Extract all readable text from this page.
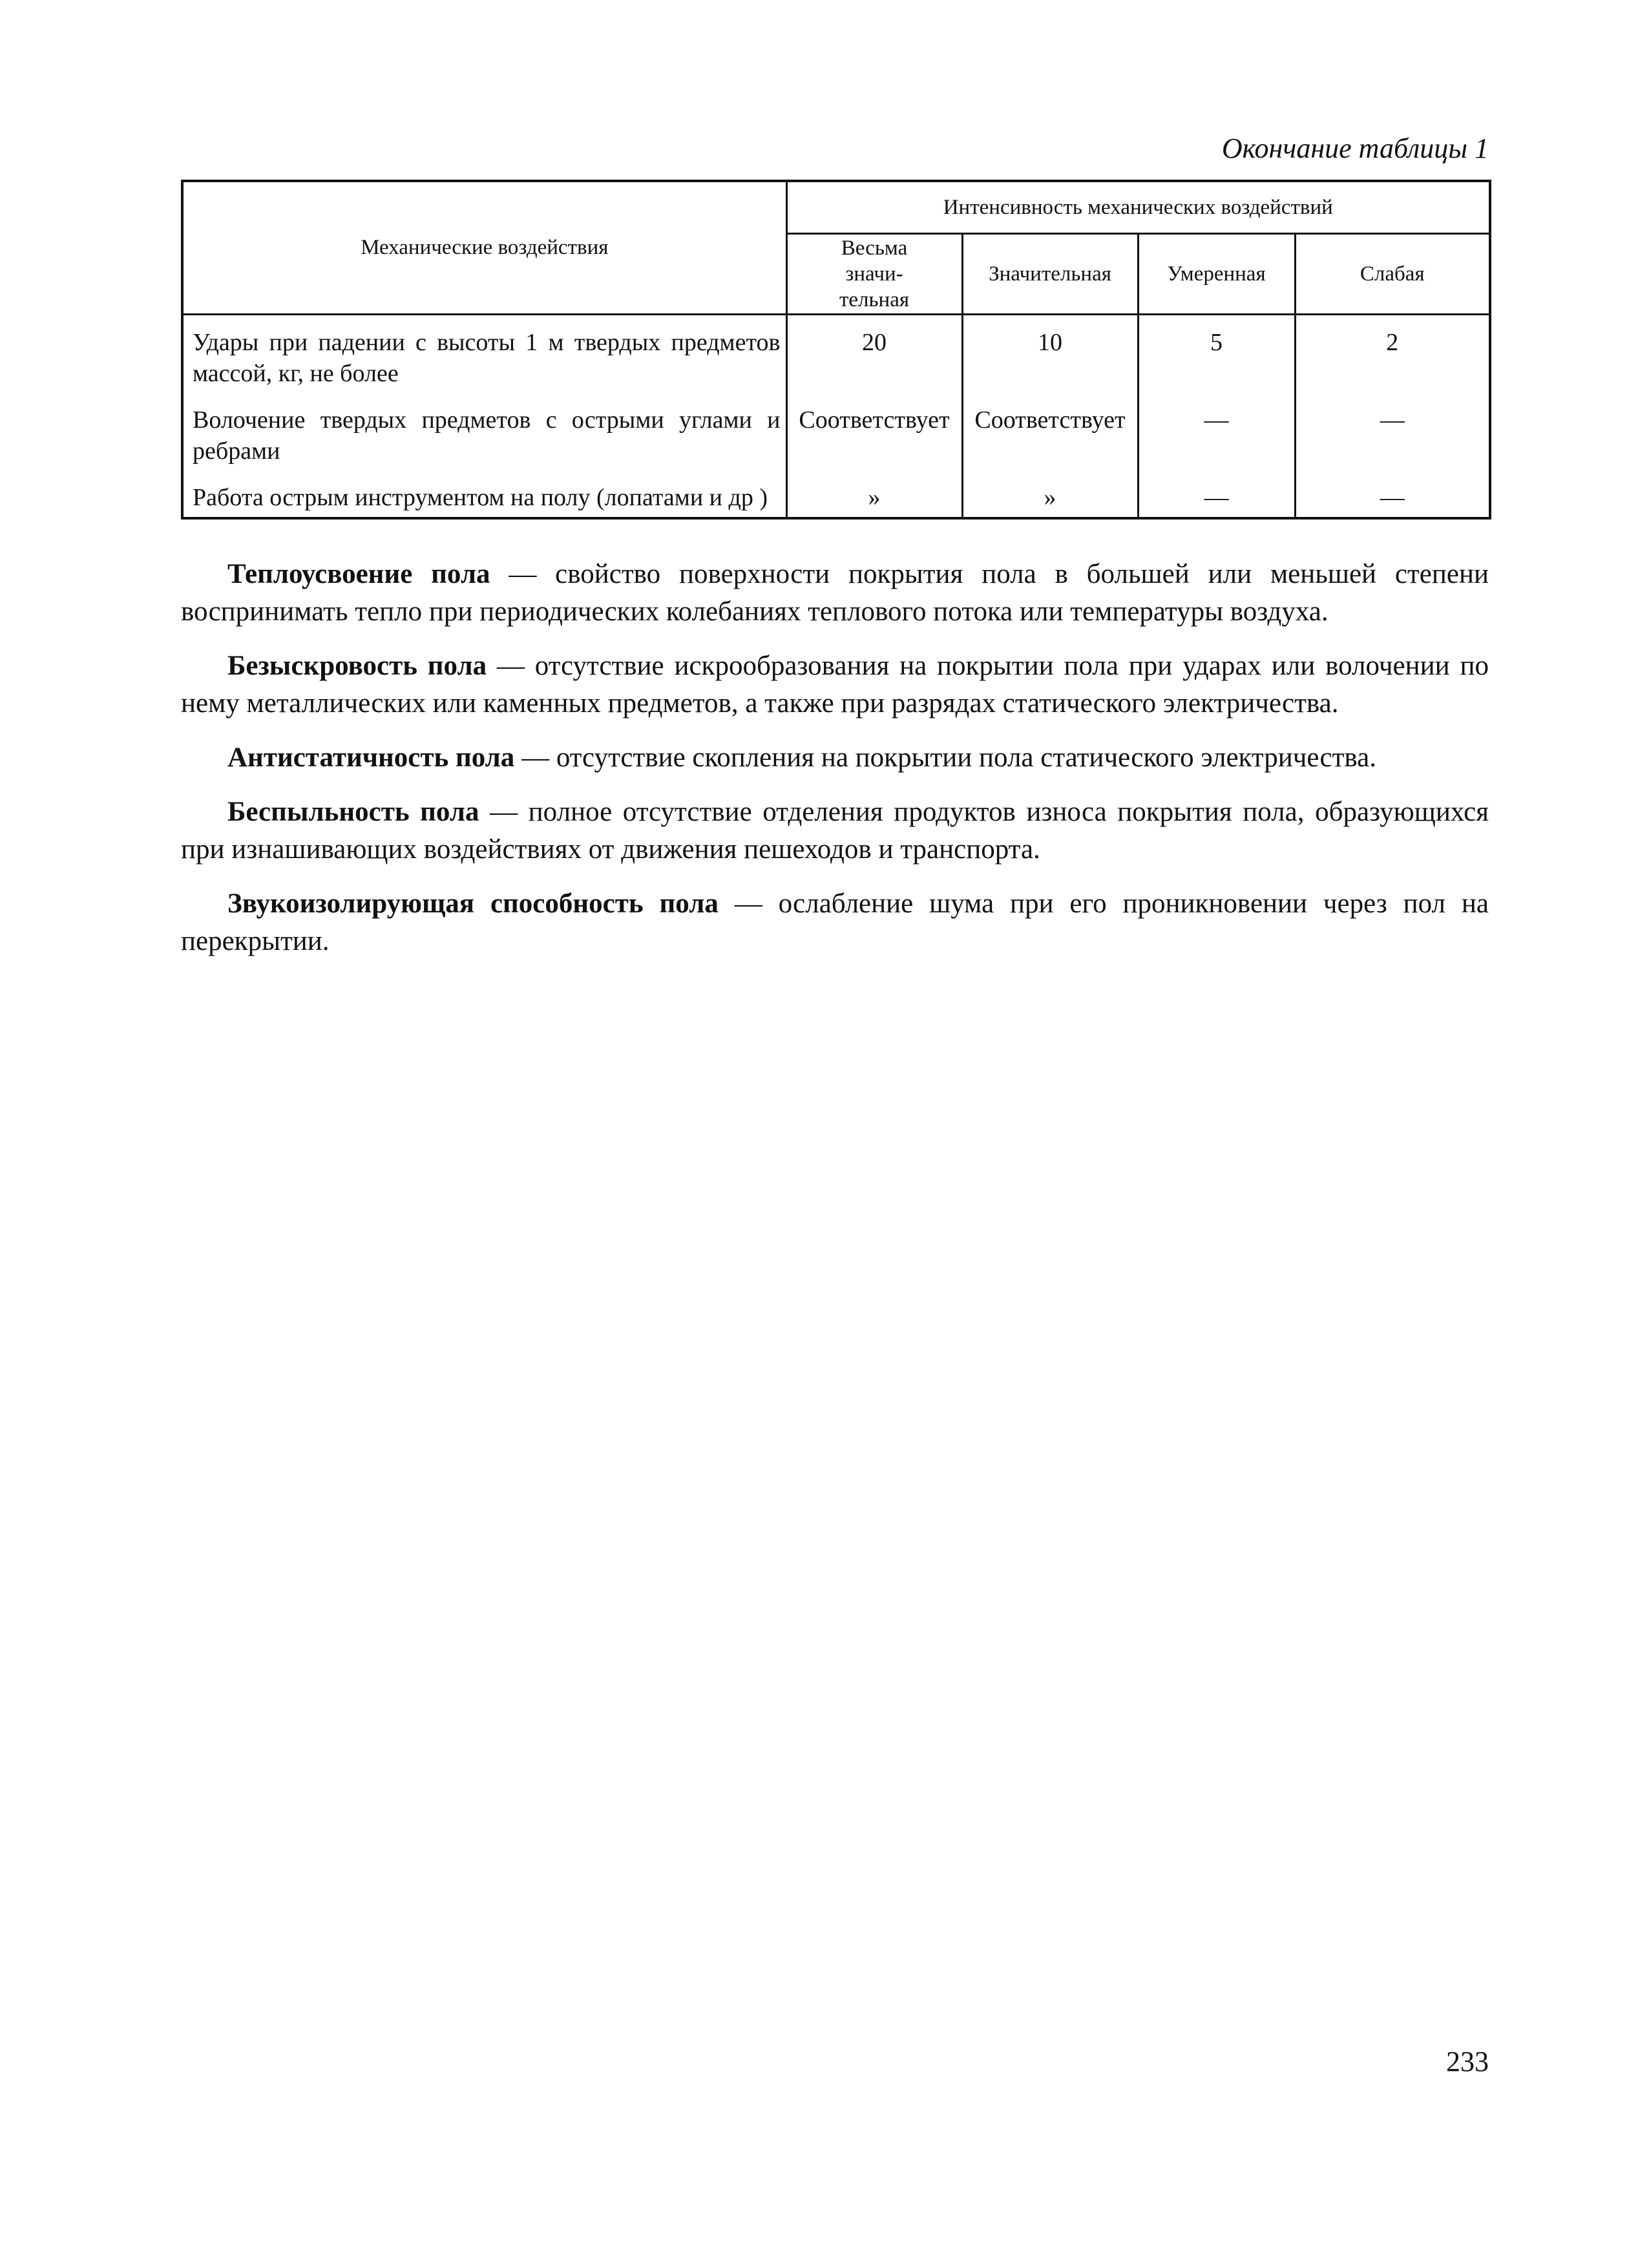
Окончание таблицы 1
Механические воздействия	Интенсивность механических воздействий			

	Весьма значи-тельная	Значительная	Умеренная	Слабая
Удары при падении с высоты 1 м твердых предметов массой, кг, не более	20	10	5	2
Волочение твердых предметов с острыми углами и ребрами	Соответствует	Соответствует	—	—
Работа острым инструментом на полу (лопатами и др )	»	»	—	—

Теплоусвоение пола — свойство поверхности покрытия пола в большей или меньшей степени воспринимать тепло при периодических колебаниях теплового потока или температуры воздуха.

Безыскровость пола — отсутствие искрообразования на покрытии пола при ударах или волочении по нему металлических или каменных предметов, а также при разрядах статического электричества.

Антистатичность пола — отсутствие скопления на покрытии пола статического электричества.

Беспыльность пола — полное отсутствие отделения продуктов износа покрытия пола, образующихся при изнашивающих воздействиях от движения пешеходов и транспорта.

Звукоизолирующая способность пола — ослабление шума при его проникновении через пол на перекрытии.

233
